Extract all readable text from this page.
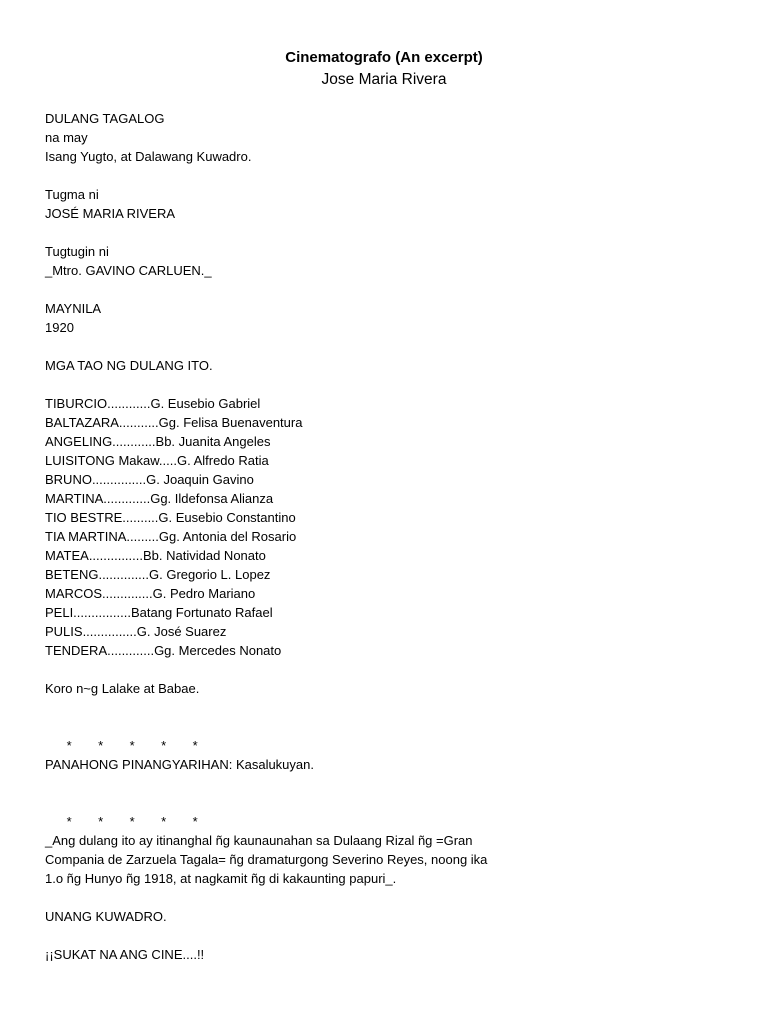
Cinematografo (An excerpt)
Jose Maria Rivera
DULANG TAGALOG
na may
Isang Yugto, at Dalawang Kuwadro.
Tugma ni
JOSÉ MARIA RIVERA
Tugtugin ni
_Mtro. GAVINO CARLUEN._
MAYNILA
1920
MGA TAO NG DULANG ITO.
TIBURCIO............G. Eusebio Gabriel
BALTAZARA...........Gg. Felisa Buenaventura
ANGELING............Bb. Juanita Angeles
LUISITONG Makaw.....G. Alfredo Ratia
BRUNO...............G. Joaquin Gavino
MARTINA.............Gg. Ildefonsa Alianza
TIO BESTRE..........G. Eusebio Constantino
TIA MARTINA.........Gg. Antonia del Rosario
MATEA...............Bb. Natividad Nonato
BETENG..............G. Gregorio L. Lopez
MARCOS..............G. Pedro Mariano
PELI................Batang Fortunato Rafael
PULIS...............G. José Suarez
TENDERA.............Gg. Mercedes Nonato
Koro n~g Lalake at Babae.

* * * * *

PANAHONG PINANGYARIHAN: Kasalukuyan.

* * * * *

_Ang dulang ito ay itinanghal ñg kaunaunahan sa Dulaang Rizal ñg =Gran
Compania de Zarzuela Tagala= ñg dramaturgong Severino Reyes, noong ika
1.o ñg Hunyo ñg 1918, at nagkamit ñg di kakaunting papuri_.
UNANG KUWADRO.
¡¡SUKAT NA ANG CINE....!!
